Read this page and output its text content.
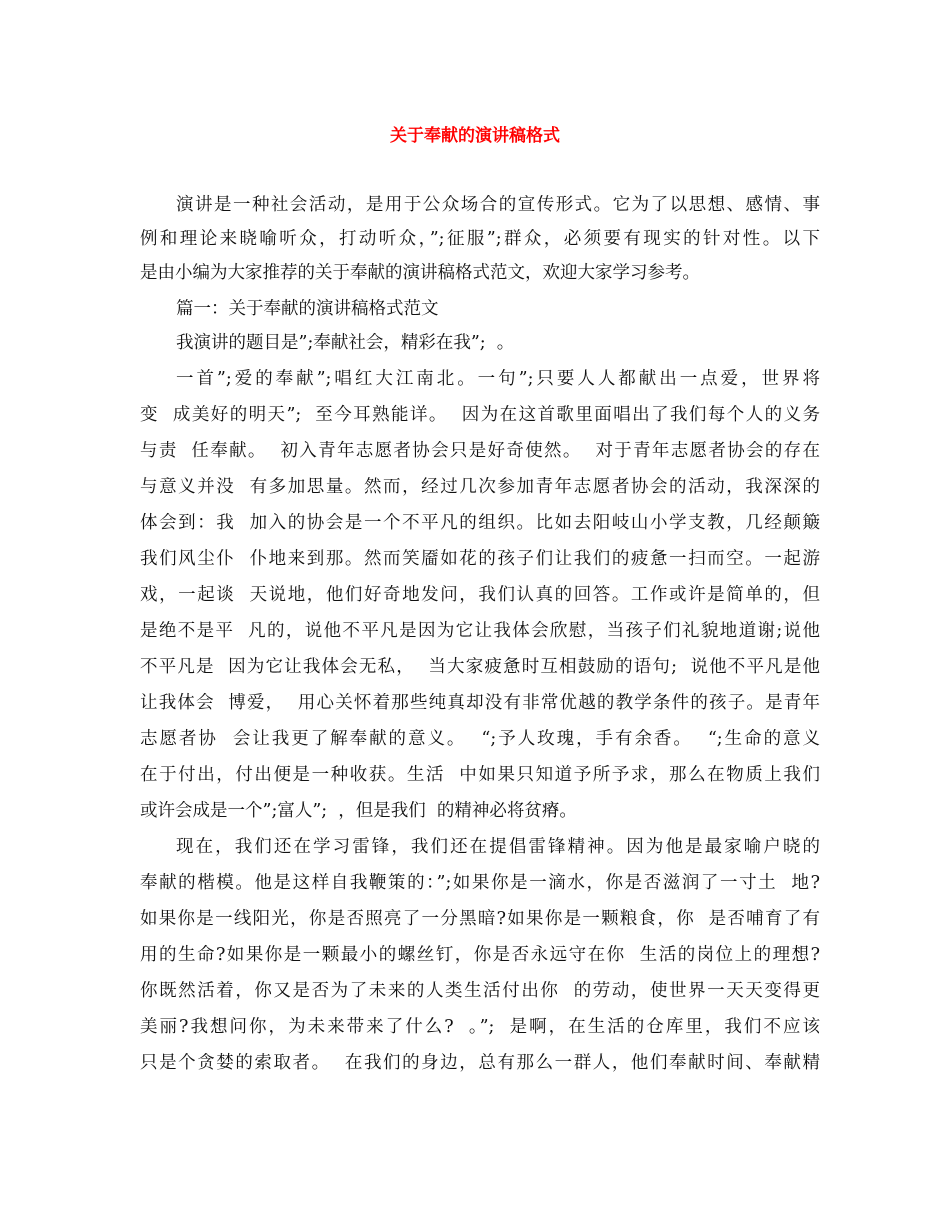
关于奉献的演讲稿格式

演讲是一种社会活动，是用于公众场合的宣传形式。它为了以思想、感情、事

例和理论来晓喻听众，打动听众，”;征服”;群众，必须要有现实的针对性。以下

是由小编为大家推荐的关于奉献的演讲稿格式范文，欢迎大家学习参考。

篇一：关于奉献的演讲稿格式范文

我演讲的题目是”;奉献社会，精彩在我”;  。

一首”;爱的奉献”;唱红大江南北。一句”;只要人人都献出一点爱，世界将

变  成美好的明天”;  至今耳熟能详。  因为在这首歌里面唱出了我们每个人的义务

与责  任奉献。  初入青年志愿者协会只是好奇使然。  对于青年志愿者协会的存在

与意义并没  有多加思量。然而，经过几次参加青年志愿者协会的活动，我深深的

体会到：我  加入的协会是一个不平凡的组织。比如去阳岐山小学支教，几经颠簸

我们风尘仆  仆地来到那。然而笑靥如花的孩子们让我们的疲惫一扫而空。一起游

戏，一起谈  天说地，他们好奇地发问，我们认真的回答。工作或许是简单的，但

是绝不是平  凡的，说他不平凡是因为它让我体会欣慰，当孩子们礼貌地道谢;说他

不平凡是  因为它让我体会无私，  当大家疲惫时互相鼓励的语句;  说他不平凡是他

让我体会  博爱，  用心关怀着那些纯真却没有非常优越的教学条件的孩子。是青年

志愿者协  会让我更了解奉献的意义。  “;予人玫瑰，手有余香。  “;生命的意义

在于付出，付出便是一种收获。生活  中如果只知道予所予求，那么在物质上我们

或许会成是一个”;富人”;  ，但是我们  的精神必将贫瘠。

现在，我们还在学习雷锋，我们还在提倡雷锋精神。因为他是最家喻户晓的

奉献的楷模。他是这样自我鞭策的：”;如果你是一滴水，你是否滋润了一寸土  地?

如果你是一线阳光，你是否照亮了一分黑暗?如果你是一颗粮食，你  是否哺育了有

用的生命?如果你是一颗最小的螺丝钉，你是否永远守在你  生活的岗位上的理想?

你既然活着，你又是否为了未来的人类生活付出你  的劳动，使世界一天天变得更

美丽?我想问你，为未来带来了什么?  。”;  是啊，在生活的仓库里，我们不应该

只是个贪婪的索取者。  在我们的身边，总有那么一群人，他们奉献时间、奉献精
